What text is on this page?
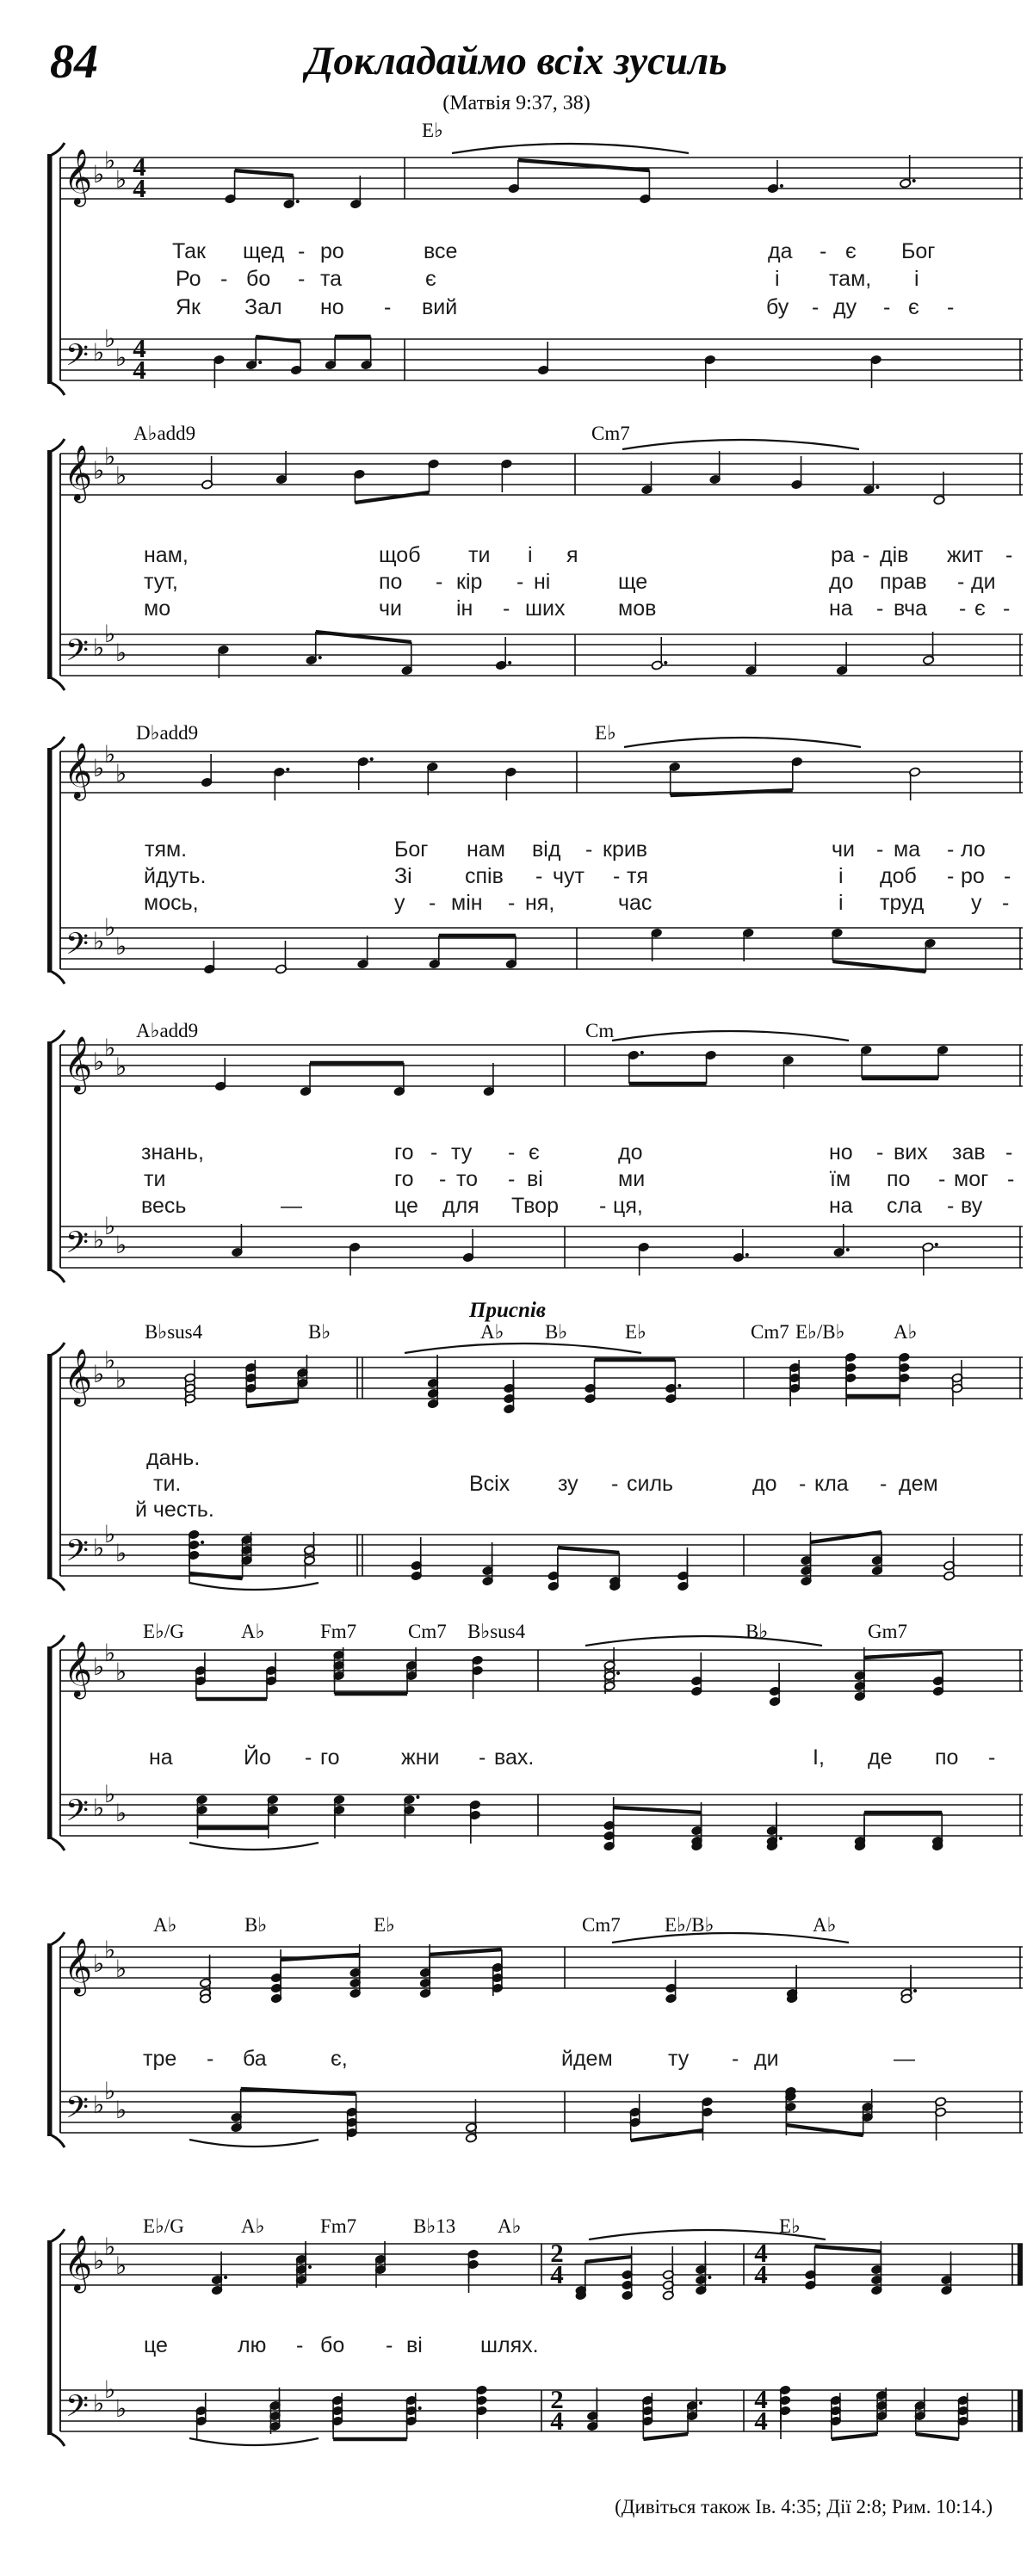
84	Докладаймо всіх зусиль
(Матвія 9:37, 38)
𝄞
𝄢
♭ ♭
♭
♭ ♭
♭
4
4
4
4
𝄞
𝄢
♭ ♭
♭
♭ ♭
♭
𝄞
𝄢
♭ ♭
♭
♭ ♭
♭
𝄞
𝄢
♭ ♭
♭
♭ ♭
♭
𝄞
𝄢
♭ ♭
♭
♭ ♭
♭
𝄞
𝄢
♭ ♭
♭
♭ ♭
♭
𝄞
𝄢
♭ ♭
♭
♭ ♭
♭
𝄞
𝄢
♭ ♭
♭
♭ ♭
♭
2
4
2
4
4
4
4
4
E♭
Так щед - ро	все	да - є Бог
Ро - бо - та	є	і там, і
Як Зал но - вий	бу - ду - є -
A♭add9	Cm7
нам,	щоб ти і я	ра - дів жит -
тут,	по - кір - ні	ще	до прав - ди
мо	чи	ін - ших мов	на - вча - є -
D♭add9	E♭
тям.	Бог нам від - крив	чи - ма - ло
йдуть.	Зі спів - чут - тя	і доб - ро -
мось,	у - мін - ня,	час	і труд у -
A♭add9	Cm
знань,	го - ту - є	до	но - вих зав -
ти	го - то - ві	ми	їм по - мог -
весь	—	це для Твор - ця,	на сла - ву
B♭sus4	B♭	A♭ B♭	E♭	Cm7 E♭/B♭ A♭
Приспів
дань.
ти.	Всіх зу - силь	до - кла - дем
й честь.
E♭/G	A♭	Fm7	Cm7 B♭sus4	B♭	Gm7
на	Йо - го	жни - вах.	І, де по -
A♭	B♭	E♭	Cm7 E♭/B♭	A♭
тре - ба	є,	йдем	ту - ди	—
E♭/G	A♭	Fm7	B♭13 A♭	E♭
це	лю - бо - ві	шлях.
(Дивіться також Ів. 4:35; Дії 2:8; Рим. 10:14.)
